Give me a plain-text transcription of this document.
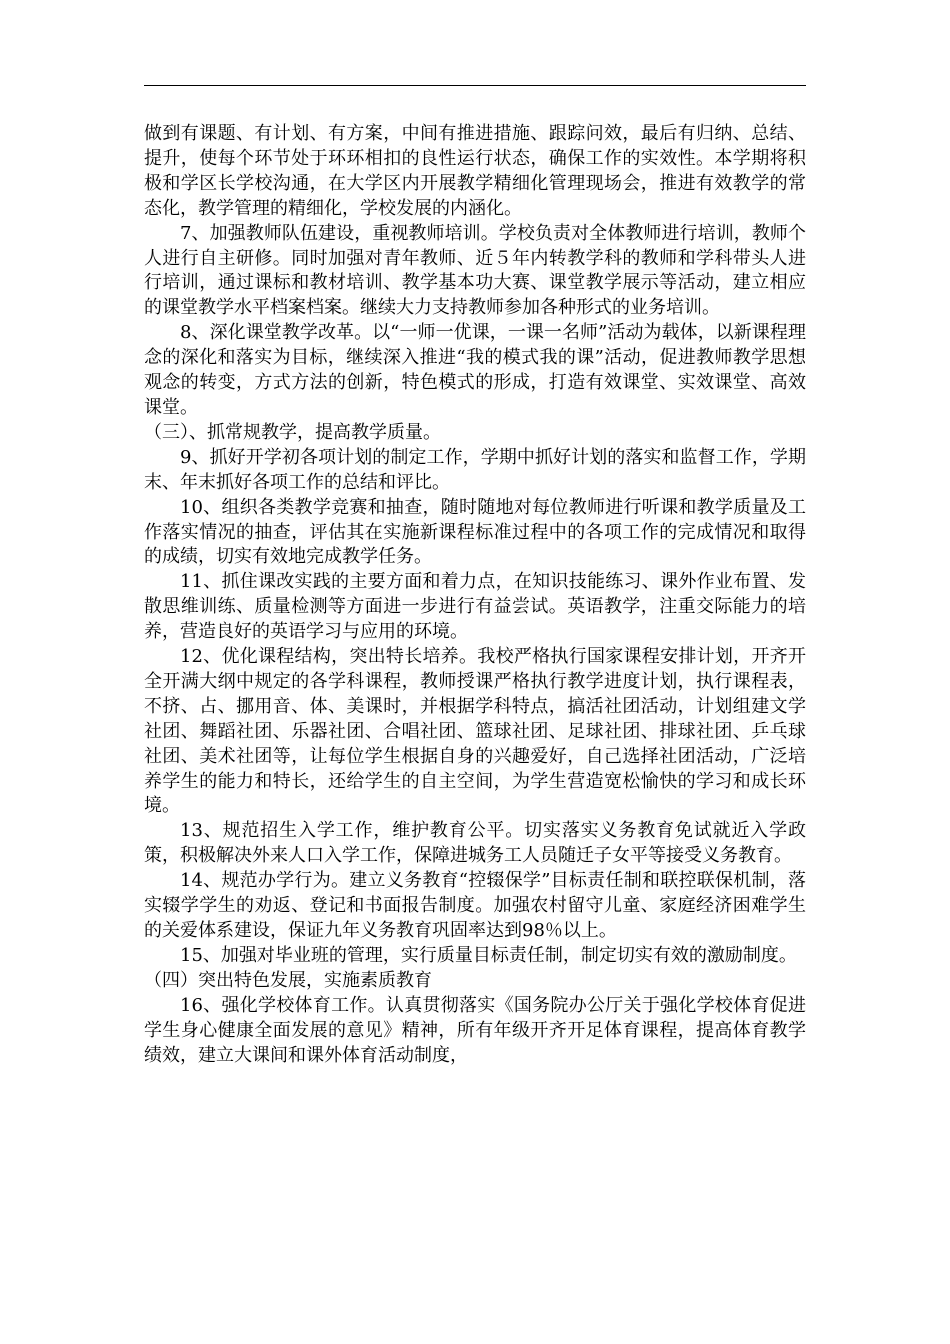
做到有课题、有计划、有方案，中间有推进措施、跟踪问效，最后有归纳、总结、提升，使每个环节处于环环相扣的良性运行状态，确保工作的实效性。本学期将积极和学区长学校沟通，在大学区内开展教学精细化管理现场会，推进有效教学的常态化，教学管理的精细化，学校发展的内涵化。

7、加强教师队伍建设，重视教师培训。学校负责对全体教师进行培训，教师个人进行自主研修。同时加强对青年教师、近５年内转教学科的教师和学科带头人进行培训，通过课标和教材培训、教学基本功大赛、课堂教学展示等活动，建立相应的课堂教学水平档案档案。继续大力支持教师参加各种形式的业务培训。

8、深化课堂教学改革。以“一师一优课，一课一名师”活动为载体，以新课程理念的深化和落实为目标，继续深入推进“我的模式我的课”活动，促进教师教学思想观念的转变，方式方法的创新，特色模式的形成，打造有效课堂、实效课堂、高效课堂。

（三）、抓常规教学，提高教学质量。

9、抓好开学初各项计划的制定工作，学期中抓好计划的落实和监督工作，学期末、年末抓好各项工作的总结和评比。

10、组织各类教学竞赛和抽查，随时随地对每位教师进行听课和教学质量及工作落实情况的抽查，评估其在实施新课程标准过程中的各项工作的完成情况和取得的成绩，切实有效地完成教学任务。

11、抓住课改实践的主要方面和着力点，在知识技能练习、课外作业布置、发散思维训练、质量检测等方面进一步进行有益尝试。英语教学，注重交际能力的培养，营造良好的英语学习与应用的环境。

12、优化课程结构，突出特长培养。我校严格执行国家课程安排计划，开齐开全开满大纲中规定的各学科课程，教师授课严格执行教学进度计划，执行课程表，不挤、占、挪用音、体、美课时，并根据学科特点，搞活社团活动，计划组建文学社团、舞蹈社团、乐器社团、合唱社团、篮球社团、足球社团、排球社团、乒乓球社团、美术社团等，让每位学生根据自身的兴趣爱好，自己选择社团活动，广泛培养学生的能力和特长，还给学生的自主空间，为学生营造宽松愉快的学习和成长环境。

13、规范招生入学工作，维护教育公平。切实落实义务教育免试就近入学政策，积极解决外来人口入学工作，保障进城务工人员随迁子女平等接受义务教育。

14、规范办学行为。建立义务教育“控辍保学”目标责任制和联控联保机制，落实辍学学生的劝返、登记和书面报告制度。加强农村留守儿童、家庭经济困难学生的关爱体系建设，保证九年义务教育巩固率达到98％以上。

15、加强对毕业班的管理，实行质量目标责任制，制定切实有效的激励制度。

（四）突出特色发展，实施素质教育

16、强化学校体育工作。认真贯彻落实《国务院办公厅关于强化学校体育促进学生身心健康全面发展的意见》精神，所有年级开齐开足体育课程，提高体育教学绩效，建立大课间和课外体育活动制度，
